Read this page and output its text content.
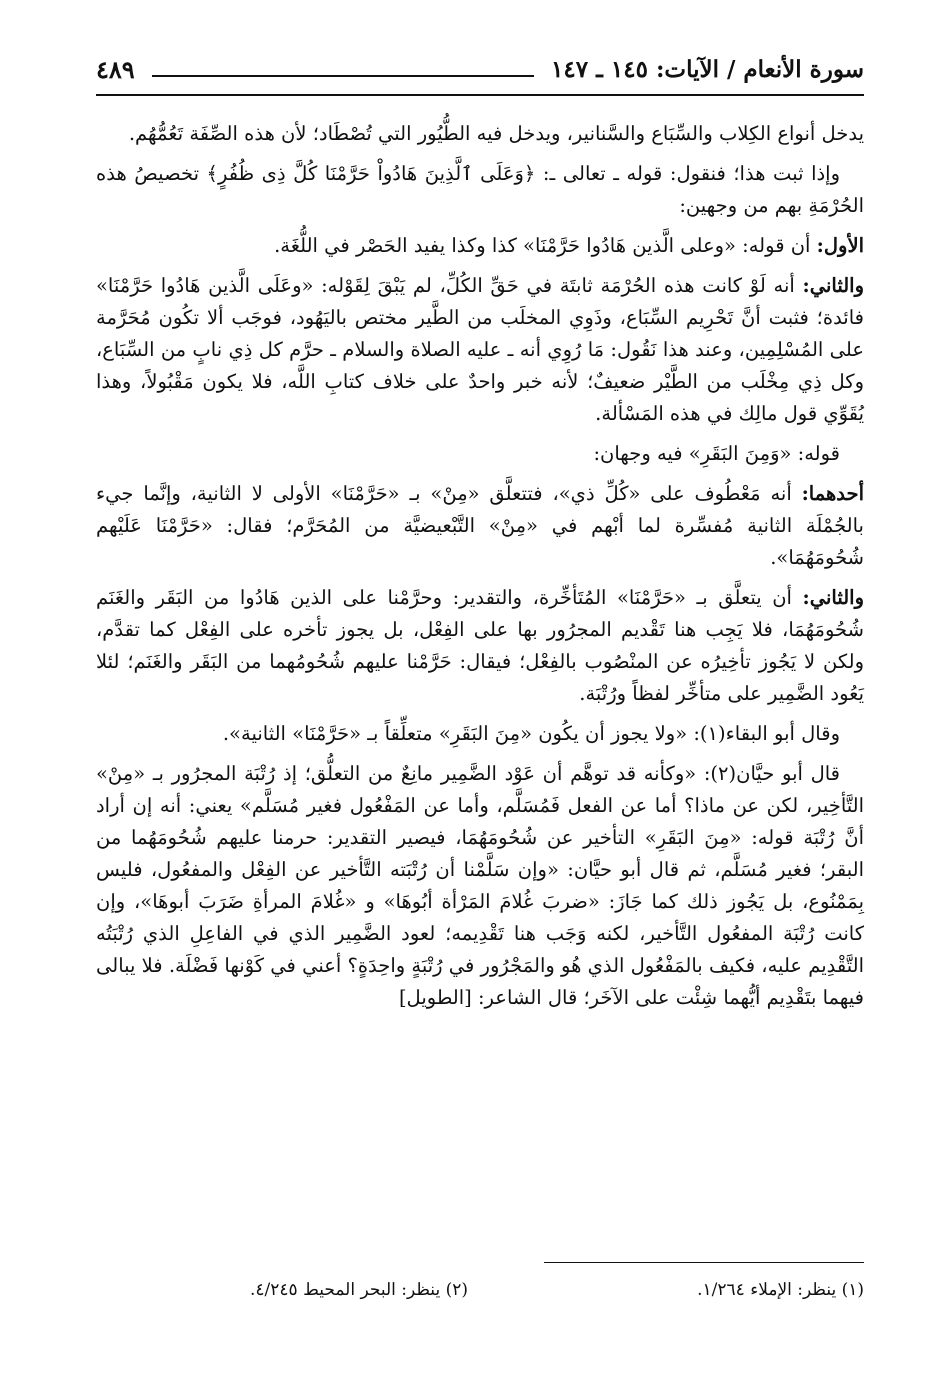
سورة الأنعام / الآيات: ١٤٥ ـ ١٤٧
٤٨٩

يدخل أنواع الكِلاب والسِّبَاع والسَّنانير، ويدخل فيه الطُّيُور التي تُصْطَاد؛ لأن هذه الصِّفَة تَعُمُّهُم.

وإذا ثبت هذا؛ فنقول: قوله ـ تعالى ـ: ﴿وَعَلَى ٱلَّذِينَ هَادُواْ حَرَّمْنَا كُلَّ ذِى ظُفُرٍ﴾ تخصيصُ هذه الحُرْمَةِ بهم من وجهين:

الأول: أن قوله: «وعلى الَّذين هَادُوا حَرَّمْنَا» كذا وكذا يفيد الحَصْر في اللُّغَة.

والثاني: أنه لَوْ كانت هذه الحُرْمَة ثابتَة في حَقِّ الكُلِّ، لم يَبْقَ لِقَوْله: «وعَلَى الَّذين هَادُوا حَرَّمْنَا» فائدة؛ فثبت أنَّ تَحْرِيم السِّبَاع، وذَوِي المخلَب من الطَّير مختص باليَهُود، فوجَب ألا تكُون مُحَرَّمة على المُسْلِمِين، وعند هذا نَقُول: مَا رُوِي أنه ـ عليه الصلاة والسلام ـ حرَّم كل ذِي نابٍ من السِّبَاع، وكل ذِي مِخْلَب من الطَّيْر ضعيفٌ؛ لأنه خبر واحدٌ على خلاف كتابِ اللَّه، فلا يكون مَقْبُولاً، وهذا يُقَوِّي قول مالِك في هذه المَسْألة.

قوله: «وَمِنَ البَقَرِ» فيه وجهان:

أحدهما: أنه مَعْطُوف على «كُلِّ ذي»، فتتعلَّق «مِنْ» بـ «حَرَّمْنَا» الأولى لا الثانية، وإنَّما جيء بالجُمْلَة الثانية مُفسِّرة لما أبْهم في «مِنْ» التَّبْعيضيَّة من المُحَرَّم؛ فقال: «حَرَّمْنَا عَلَيْهم شُحُومَهُمَا».

والثاني: أن يتعلَّق بـ «حَرَّمْنَا» المُتَأخِّرة، والتقدير: وحرَّمْنا على الذين هَادُوا من البَقَر والغَنَم شُحُومَهُمَا، فلا يَجِب هنا تَقْديم المجرُور بها على الفِعْل، بل يجوز تأخره على الفِعْل كما تقدَّم، ولكن لا يَجُوز تأخِيرُه عن المنْصُوب بالفِعْل؛ فيقال: حَرَّمْنا عليهم شُحُومُهما من البَقَر والغَنَم؛ لئلا يَعُود الضَّمِير على متأخِّر لفظاً ورُتْبَة.

وقال أبو البقاء(١): «ولا يجوز أن يكُون «مِنَ البَقَرِ» متعلِّقاً بـ «حَرَّمْنَا» الثانية».

قال أبو حيَّان(٢): «وكأنه قد توهَّم أن عَوْد الضَّمِير مانِعٌ من التعلُّق؛ إذ رُتْبَة المجرُور بـ «مِنْ» التَّأخِير، لكن عن ماذا؟ أما عن الفعل فَمُسَلَّم، وأما عن المَفْعُول فغير مُسَلَّم» يعني: أنه إن أراد أنَّ رُتْبَة قوله: «مِنَ البَقَرِ» التأخير عن شُحُومَهُمَا، فيصير التقدير: حرمنا عليهم شُحُومَهُما من البقر؛ فغير مُسَلَّم، ثم قال أبو حيَّان: «وإن سَلَّمْنا أن رُتْبَته التَّأخير عن الفِعْل والمفعُول، فليس بِمَمْنُوع، بل يَجُوز ذلك كما جَازَ: «ضربَ غُلامَ المَرْأة أبُوهَا» و «غُلامَ المرأةِ ضَرَبَ أبوهَا»، وإن كانت رُتْبَة المفعُول التَّأخير، لكنه وَجَب هنا تَقْدِيمه؛ لعود الضَّمِير الذي في الفاعِلِ الذي رُتْبَتُه التَّقْدِيم عليه، فكيف بالمَفْعُول الذي هُو والمَجْرُور في رُتْبَةٍ واحِدَةٍ؟ أعني في كَوْنها فَضْلَة. فلا يبالى فيهما بتَقْدِيم أيُّهما شِئْت على الآخَر؛ قال الشاعر: [الطويل]

(١) ينظر: الإملاء ١/٢٦٤.
(٢) ينظر: البحر المحيط ٤/٢٤٥.
